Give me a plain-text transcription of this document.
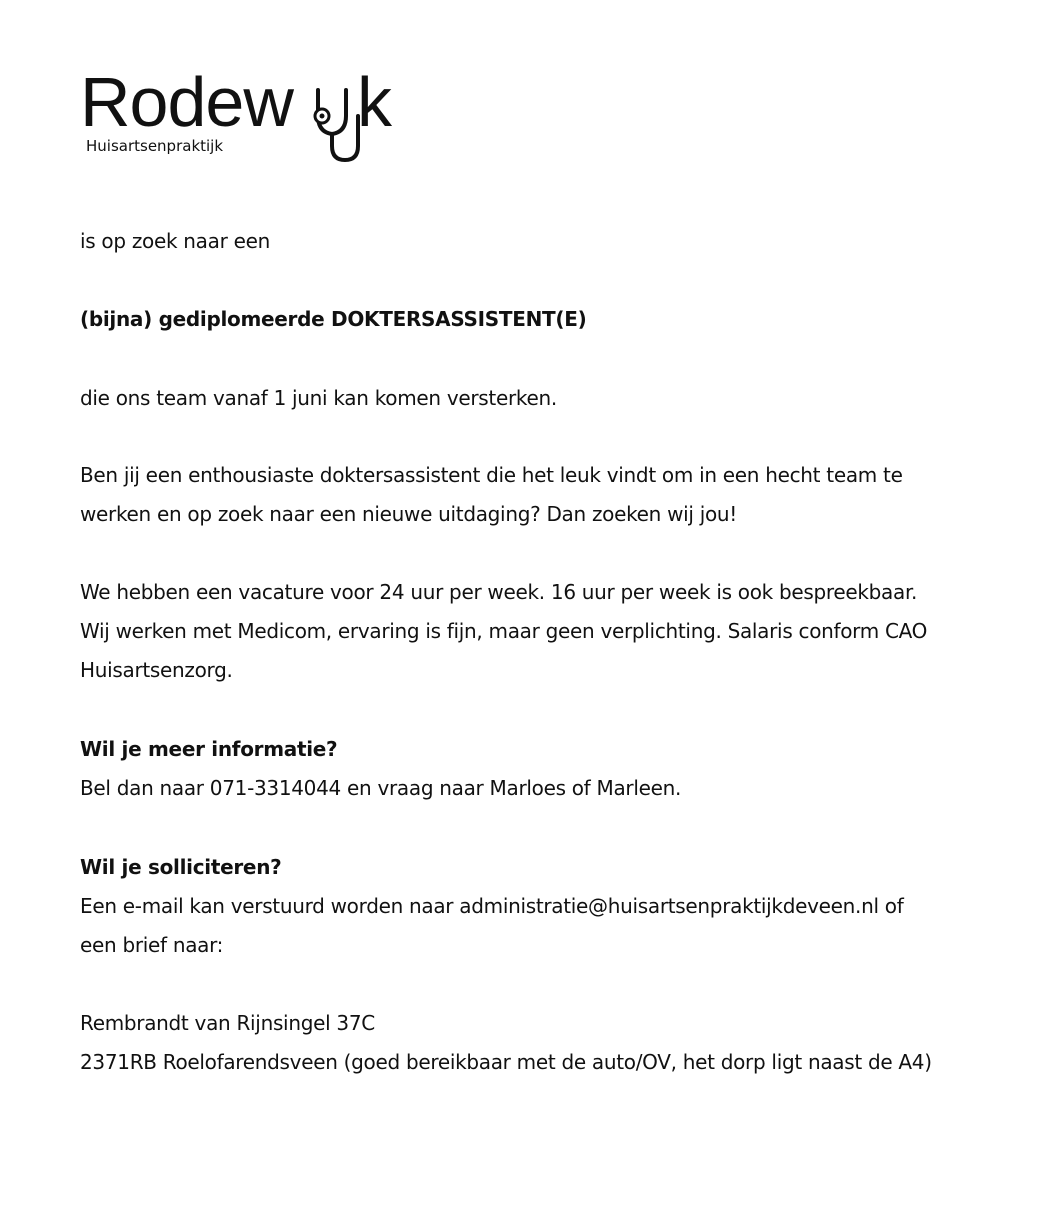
Rodew k
Huisartsenpraktijk
is op zoek naar een
(bijna) gediplomeerde DOKTERSASSISTENT(E)
die ons team vanaf 1 juni kan komen versterken.
Ben jij een enthousiaste doktersassistent die het leuk vindt om in een hecht team te
werken en op zoek naar een nieuwe uitdaging? Dan zoeken wij jou!
We hebben een vacature voor 24 uur per week. 16 uur per week is ook bespreekbaar.
Wij werken met Medicom, ervaring is fijn, maar geen verplichting. Salaris conform CAO
Huisartsenzorg.
Wil je meer informatie?
Bel dan naar 071-3314044 en vraag naar Marloes of Marleen.
Wil je solliciteren?
Een e-mail kan verstuurd worden naar administratie@huisartsenpraktijkdeveen.nl of
een brief naar:
Rembrandt van Rijnsingel 37C
2371RB Roelofarendsveen (goed bereikbaar met de auto/OV, het dorp ligt naast de A4)
